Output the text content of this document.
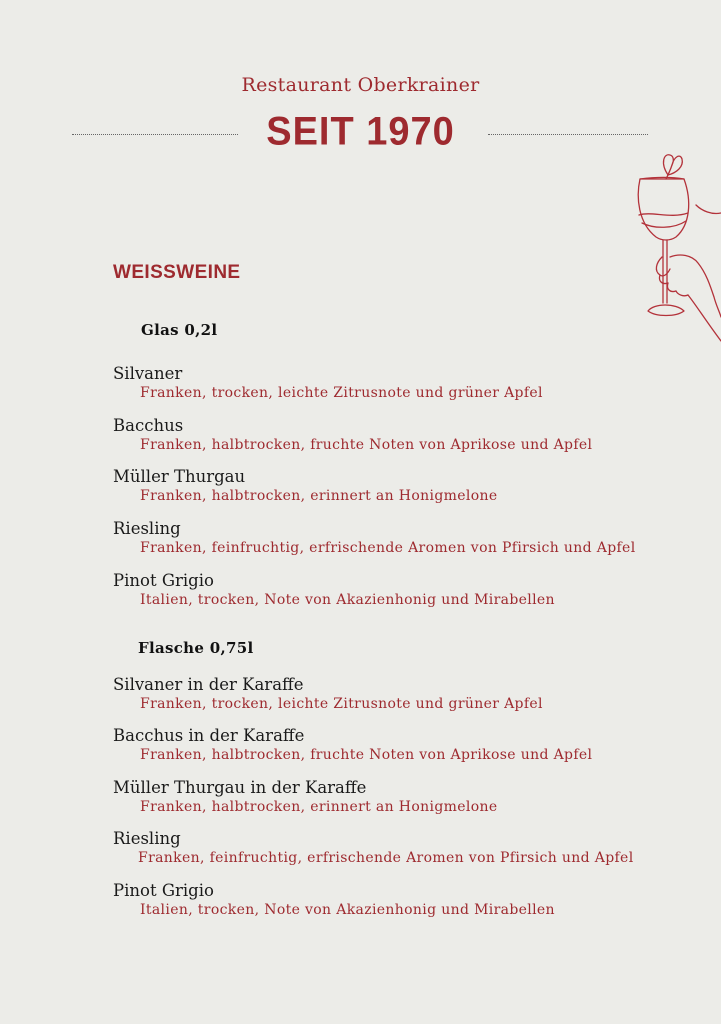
Restaurant Oberkrainer
SEIT 1970
WEISSWEINE
Glas 0,2l
Silvaner
Franken, trocken, leichte Zitrusnote und grüner Apfel
Bacchus
Franken, halbtrocken, fruchte Noten von Aprikose und Apfel
Müller Thurgau
Franken, halbtrocken, erinnert an Honigmelone
Riesling
Franken, feinfruchtig, erfrischende Aromen von Pfirsich und Apfel
Pinot Grigio
Italien, trocken, Note von Akazienhonig und Mirabellen
Flasche 0,75l
Silvaner in der Karaffe
Franken, trocken, leichte Zitrusnote und grüner Apfel
Bacchus in der Karaffe
Franken, halbtrocken, fruchte Noten von Aprikose und Apfel
Müller Thurgau in der Karaffe
Franken, halbtrocken, erinnert an Honigmelone
Riesling
Franken, feinfruchtig, erfrischende Aromen von Pfirsich und Apfel
Pinot Grigio
Italien, trocken, Note von Akazienhonig und Mirabellen
